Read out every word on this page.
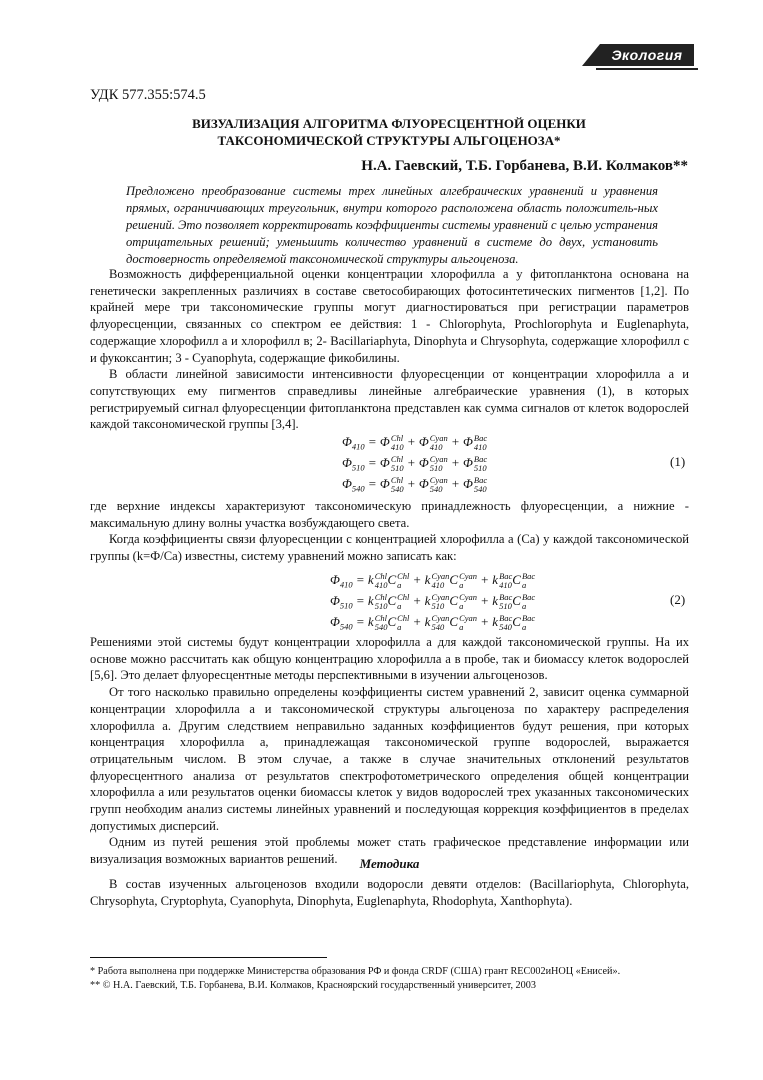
Экология
УДК 577.355:574.5
ВИЗУАЛИЗАЦИЯ АЛГОРИТМА ФЛУОРЕСЦЕНТНОЙ ОЦЕНКИ
ТАКСОНОМИЧЕСКОЙ СТРУКТУРЫ АЛЬГОЦЕНОЗА*
Н.А. Гаевский, Т.Б. Горбанева, В.И. Колмаков**
Предложено преобразование системы трех линейных алгебраических уравнений и уравнения прямых, ограничивающих треугольник, внутри которого расположена область положитель-ных решений. Это позволяет корректировать коэффициенты системы уравнений с целью устранения отрицательных решений; уменьшить количество уравнений в системе до двух, установить достоверность определяемой таксономической структуры альгоценоза.

Возможность дифференциальной оценки концентрации хлорофилла а у фитопланктона основана на генетически закрепленных различиях в составе светособирающих фотосинтетических пигментов [1,2]. По крайней мере три таксономические группы могут диагностироваться при регистрации параметров флуоресценции, связанных со спектром ее действия: 1 - Chlorophyta, Prochlorophyta и Euglenaphyta, содержащие хлорофилл а и хлорофилл в; 2- Bacillariaphyta, Dinophyta и Chrysophyta, содержащие хлорофилл с и фукоксантин; 3 - Cyanophyta, содержащие фикобилины.

В области линейной зависимости интенсивности флуоресценции от концентрации хлорофилла а и сопутствующих ему пигментов справедливы линейные алгебраические уравнения (1), в которых регистрируемый сигнал флуоресценции фитопланктона представлен как сумма сигналов от клеток водорослей каждой таксономической группы [3,4].

$\Phi_{410} = \Phi$ Chl
410 + Φ Cyan
410 + Φ Bac
410
$\Phi_{510} = \Phi$ Chl
510 + Φ Cyan
510 + Φ Bac
510
$\Phi_{540} = \Phi$ Chl
540 + Φ Cyan
540 + Φ Bac
540
(1)

где верхние индексы характеризуют таксономическую принадлежность флуоресценции, а нижние - максимальную длину волны участка возбуждающего света.

Когда коэффициенты связи флуоресценции с концентрацией хлорофилла а (Cа) у каждой таксономической группы (k=Ф/Cа) известны, систему уравнений можно записать как:

$\Phi_{410} = k$ Chl
410 C Chl
a + k Cyan
410 C Cyan
a	+ k Bac
410 C Bac
a
$\Phi_{510} = k$ Chl
510 C Chl
a + k Cyan
510 C Cyan
a	+ k Bac
510 C Bac
a
$\Phi_{540} = k$ Chl
540 C Chl
a + k Cyan
540 C Cyan
a	+ k Bac
540 C Bac
a
(2)

Решениями этой системы будут концентрации хлорофилла а для каждой таксономической группы. На их основе можно рассчитать как общую концентрацию хлорофилла а в пробе, так и биомассу клеток водорослей [5,6]. Это делает флуоресцентные методы перспективными в изучении альгоценозов.

От того насколько правильно определены коэффициенты систем уравнений 2, зависит оценка суммарной концентрации хлорофилла а и таксономической структуры альгоценоза по характеру распределения хлорофилла а. Другим следствием неправильно заданных коэффициентов будут решения, при которых концентрация хлорофилла а, принадлежащая таксономической группе водорослей, выражается отрицательным числом. В этом случае, а также в случае значительных отклонений результатов флуоресцентного анализа от результатов спектрофотометрического определения общей концентрации хлорофилла а или результатов оценки биомассы клеток у видов водорослей трех указанных таксономических групп необходим анализ системы линейных уравнений и последующая коррекция коэффициентов в пределах допустимых дисперсий.

Одним из путей решения этой проблемы может стать графическое представление информации или визуализация возможных вариантов решений.	Методика

В состав изученных альгоценозов входили водоросли девяти отделов: (Bacillariophyta, Chlorophyta, Chrysophyta, Cryptophyta, Cyanophyta, Dinophyta, Euglenaphyta, Rhodophyta, Xanthophyta).

* Работа выполнена при поддержке Министерства образования РФ и фонда CRDF (США) грант REC002иНОЦ «Енисей».
** © Н.А. Гаевский, Т.Б. Горбанева, В.И. Колмаков, Красноярский государственный университет, 2003
